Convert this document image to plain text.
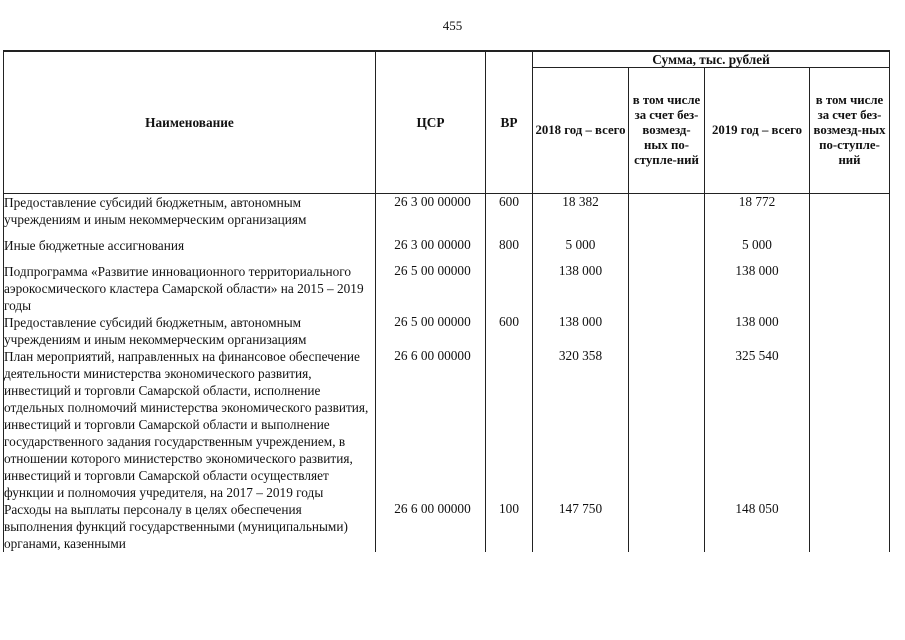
455
Наименование	ЦСР	ВР	Сумма, тыс. рублей			
			2018 год – всего	в том числе за счет без-возмезд-ных по-ступле-ний	2019 год – всего	в том числе за счет без-возмезд-ных по-ступле-ний
Предоставление субсидий бюджетным, автономным учреждениям и иным некоммерческим организациям	26 3 00 00000	600	18 382		18 772	
Иные бюджетные ассигнования	26 3 00 00000	800	5 000		5 000	
Подпрограмма «Развитие инновационного территориального аэрокосмического кластера Самарской области» на 2015 – 2019 годы	26 5 00 00000		138 000		138 000	
Предоставление субсидий бюджетным, автономным учреждениям и иным некоммерческим организациям	26 5 00 00000	600	138 000		138 000	
План мероприятий, направленных на финансовое обеспечение деятельности министерства экономического развития, инвестиций и торговли Самарской области, исполнение отдельных полномочий министерства экономического развития, инвестиций и торговли Самарской области и выполнение государственного задания государственным учреждением, в отношении которого министерство экономического развития, инвестиций и торговли Самарской области осуществляет функции и полномочия учредителя, на 2017 – 2019 годы	26 6 00 00000		320 358		325 540	
Расходы на выплаты персоналу в целях обеспечения выполнения функций государственными (муниципальными) органами, казенными	26 6 00 00000	100	147 750		148 050	
